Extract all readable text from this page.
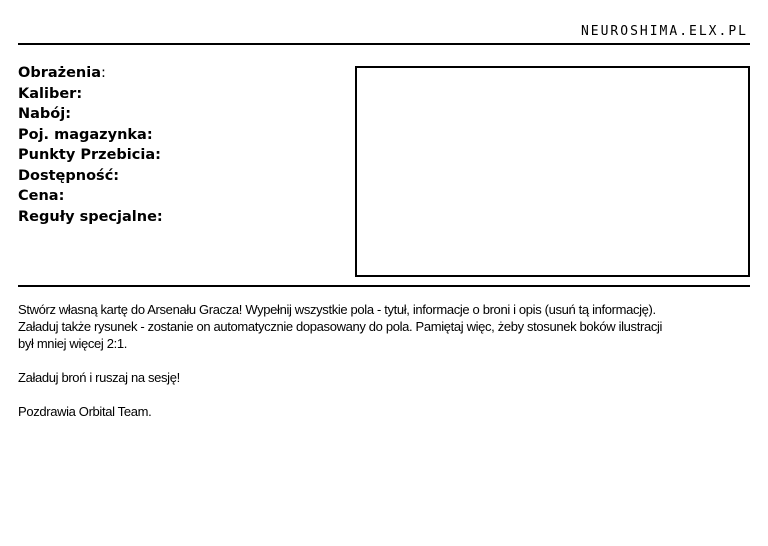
NEUROSHIMA.ELX.PL
Obrażenia:
Kaliber:
Nabój:
Poj. magazynka:
Punkty Przebicia:
Dostępność:
Cena:
Reguły specjalne:

Stwórz własną kartę do Arsenału Gracza! Wypełnij wszystkie pola - tytuł, informacje o broni i opis (usuń tą informację).

Załaduj także rysunek - zostanie on automatycznie dopasowany do pola. Pamiętaj więc, żeby stosunek boków ilustracji

był mniej więcej 2:1.

Załaduj broń i ruszaj na sesję!

Pozdrawia Orbital Team.
